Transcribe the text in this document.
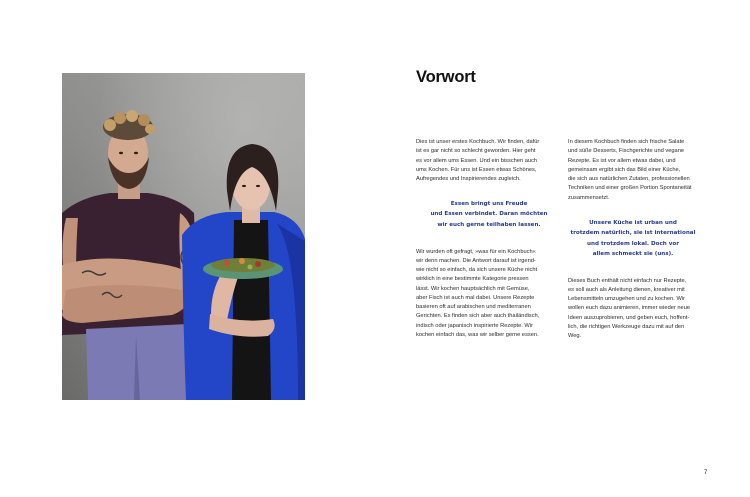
Vorwort
Dies ist unser erstes Kochbuch. Wir finden, dafür
ist es gar nicht so schlecht geworden. Hier geht
es vor allem ums Essen. Und ein bisschen auch
ums Kochen. Für uns ist Essen etwas Schönes,
Aufregendes und Inspirierendes zugleich.
Essen bringt uns Freude
und Essen verbindet. Daran möchten
wir euch gerne teilhaben lassen.
Wir wurden oft gefragt, »was für ein Kochbuch«
wir denn machen. Die Antwort darauf ist irgend-
wie nicht so einfach, da sich unsere Küche nicht
wirklich in eine bestimmte Kategorie pressen
lässt. Wir kochen hauptsächlich mit Gemüse,
aber Fisch ist auch mal dabei. Unsere Rezepte
basieren oft auf arabischen und mediterranen
Gerichten. Es finden sich aber auch thailändisch,
indisch oder japanisch inspirierte Rezepte. Wir
kochen einfach das, was wir selber gerne essen.
In diesem Kochbuch finden sich frische Salate
und süße Desserts, Fischgerichte und vegane
Rezepte. Es ist vor allem etwas dabei, und
gemeinsam ergibt sich das Bild einer Küche,
die sich aus natürlichen Zutaten, professionellen
Techniken und einer großen Portion Spontaneität
zusammensetzt.
Unsere Küche ist urban und
trotzdem natürlich, sie ist international
und trotzdem lokal. Doch vor
allem schmeckt sie (uns).
Dieses Buch enthält nicht einfach nur Rezepte,
es soll auch als Anleitung dienen, kreativer mit
Lebensmitteln umzugehen und zu kochen. Wir
wollen euch dazu animieren, immer wieder neue
Ideen auszuprobieren, und geben euch, hoffent-
lich, die richtigen Werkzeuge dazu mit auf den
Weg.
7
